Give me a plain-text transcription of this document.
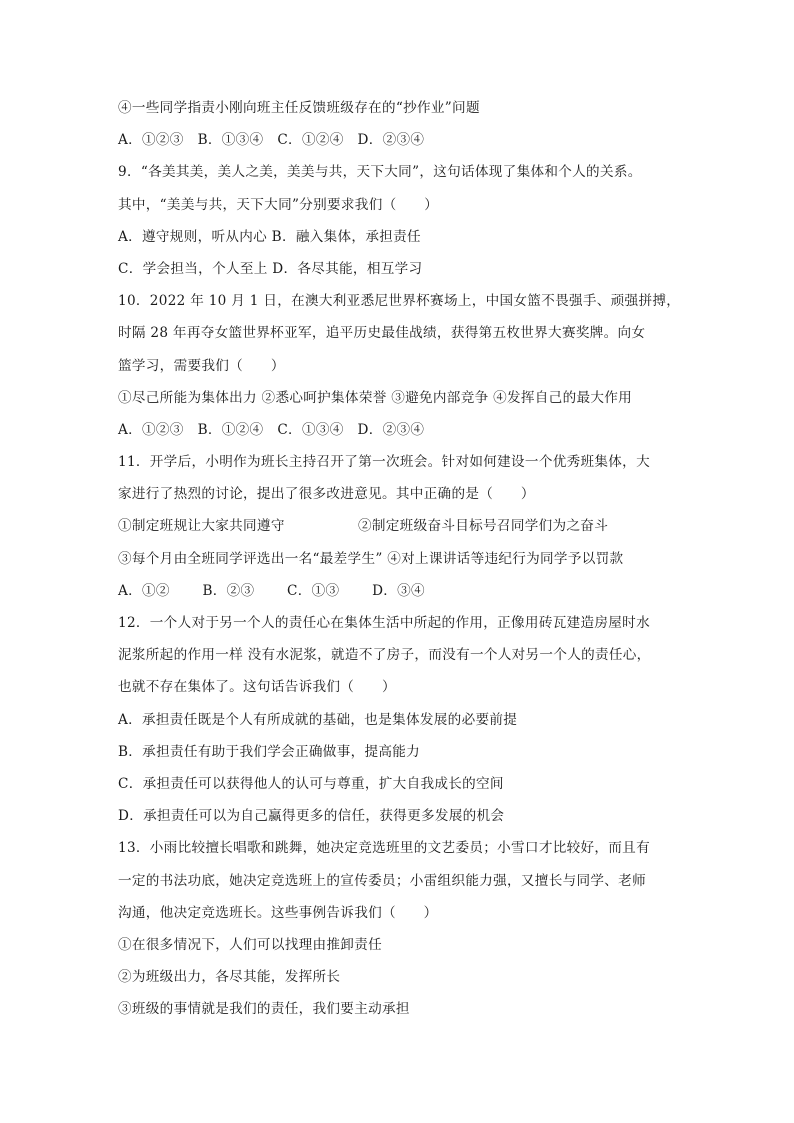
④一些同学指责小刚向班主任反馈班级存在的“抄作业”问题
A．①②③　B．①③④　C．①②④　D．②③④
9．“各美其美，美人之美，美美与共，天下大同”，这句话体现了集体和个人的关系。
其中，“美美与共，天下大同”分别要求我们（　　）
A．遵守规则，听从内心 B．融入集体，承担责任
C．学会担当，个人至上 D．各尽其能，相互学习
10．2022 年 10 月 1 日，在澳大利亚悉尼世界杯赛场上，中国女篮不畏强手、顽强拼搏，
时隔 28 年再夺女篮世界杯亚军，追平历史最佳战绩，获得第五枚世界大赛奖牌。向女
篮学习，需要我们（　　）
①尽己所能为集体出力 ②悉心呵护集体荣誉 ③避免内部竞争 ④发挥自己的最大作用
A．①②③　B．①②④　C．①③④　D．②③④
11．开学后，小明作为班长主持召开了第一次班会。针对如何建设一个优秀班集体，大
家进行了热烈的讨论，提出了很多改进意见。其中正确的是（　　）
①制定班规让大家共同遵守	②制定班级奋斗目标号召同学们为之奋斗
③每个月由全班同学评选出一名“最差学生” ④对上课讲话等违纪行为同学予以罚款
A．①② B．②③ C．①③ D．③④
12．一个人对于另一个人的责任心在集体生活中所起的作用，正像用砖瓦建造房屋时水
泥浆所起的作用一样 没有水泥浆，就造不了房子，而没有一个人对另一个人的责任心，
也就不存在集体了。这句话告诉我们（　　）
A．承担责任既是个人有所成就的基础，也是集体发展的必要前提
B．承担责任有助于我们学会正确做事，提高能力
C．承担责任可以获得他人的认可与尊重，扩大自我成长的空间
D．承担责任可以为自己赢得更多的信任，获得更多发展的机会
13．小雨比较擅长唱歌和跳舞，她决定竞选班里的文艺委员；小雪口才比较好，而且有
一定的书法功底，她决定竞选班上的宣传委员；小雷组织能力强，又擅长与同学、老师
沟通，他决定竞选班长。这些事例告诉我们（　　）
①在很多情况下，人们可以找理由推卸责任
②为班级出力，各尽其能，发挥所长
③班级的事情就是我们的责任，我们要主动承担
